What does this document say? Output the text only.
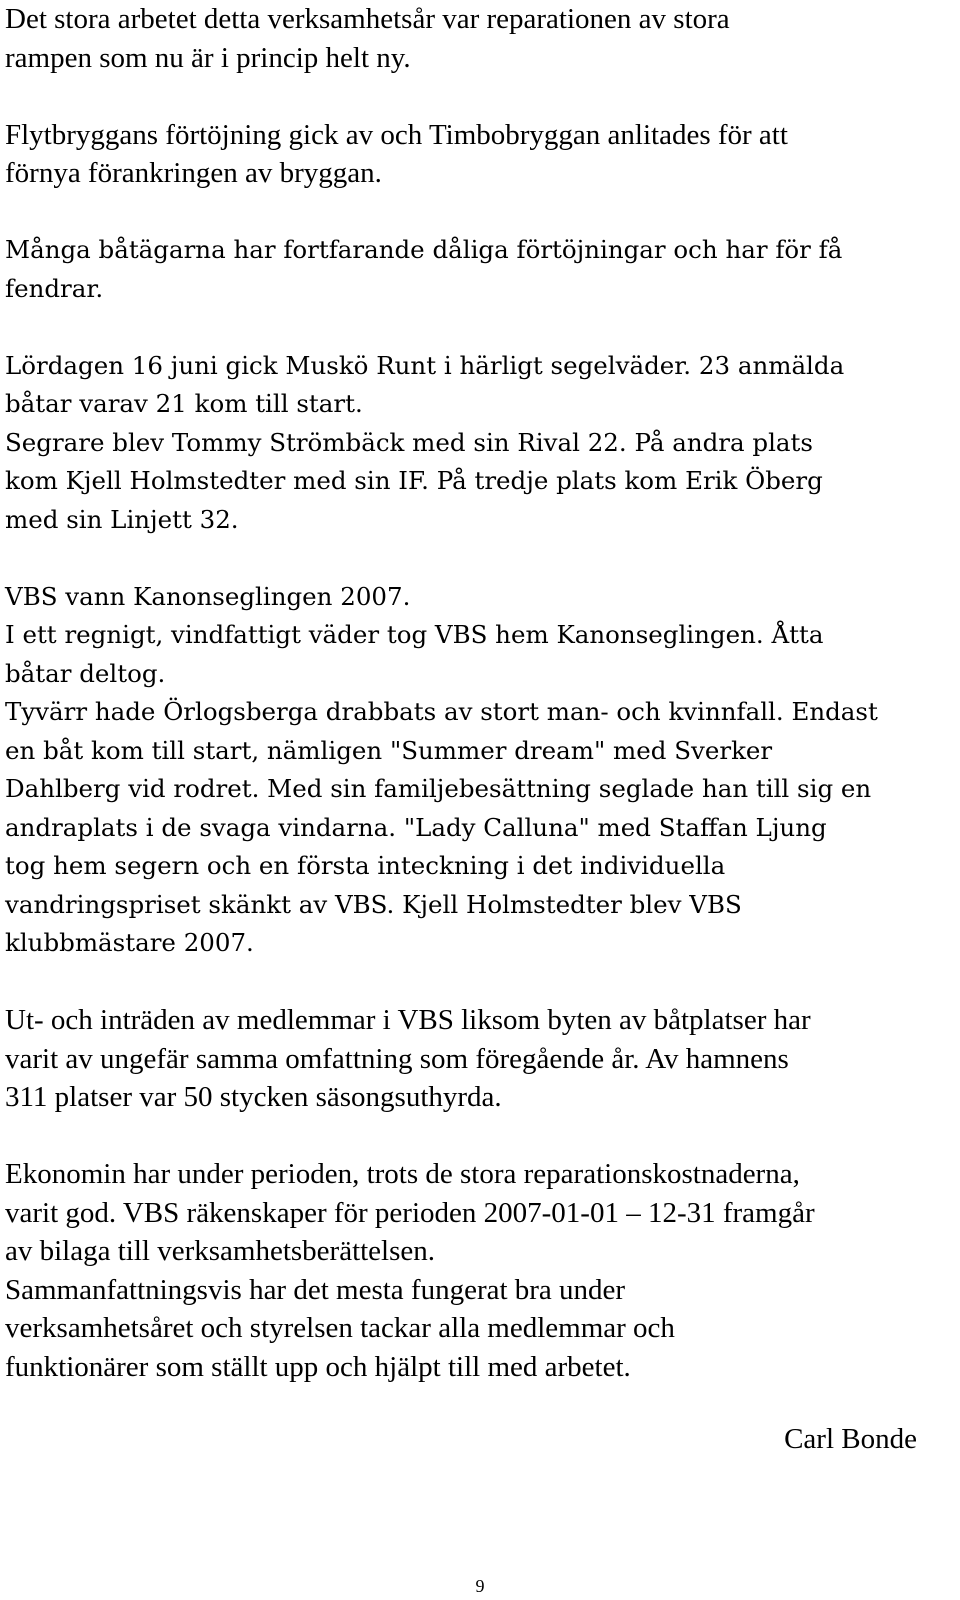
Det stora arbetet detta verksamhetsår var reparationen av stora
rampen som nu är i princip helt ny.
Flytbryggans förtöjning gick av och Timbobryggan anlitades för att
förnya förankringen av bryggan.
Många båtägarna har fortfarande dåliga förtöjningar och har för få
fendrar.
Lördagen 16 juni gick Muskö Runt i härligt segelväder. 23 anmälda
båtar varav 21 kom till start.
Segrare blev Tommy Strömbäck med sin Rival 22. På andra plats
kom Kjell Holmstedter med sin IF. På tredje plats kom Erik Öberg
med sin Linjett 32.
VBS vann Kanonseglingen 2007.
I ett regnigt, vindfattigt väder tog VBS hem Kanonseglingen. Åtta
båtar deltog.
Tyvärr hade Örlogsberga drabbats av stort man- och kvinnfall. Endast
en båt kom till start, nämligen "Summer dream" med Sverker
Dahlberg vid rodret. Med sin familjebesättning seglade han till sig en
andraplats i de svaga vindarna. "Lady Calluna" med Staffan Ljung
tog hem segern och en första inteckning i det individuella
vandringspriset skänkt av VBS. Kjell Holmstedter blev VBS
klubbmästare 2007.
Ut- och inträden av medlemmar i VBS liksom byten av båtplatser har
varit av ungefär samma omfattning som föregående år. Av hamnens
311 platser var 50 stycken säsongsuthyrda.
Ekonomin har under perioden, trots de stora reparationskostnaderna,
varit god. VBS räkenskaper för perioden 2007-01-01 – 12-31 framgår
av bilaga till verksamhetsberättelsen.
Sammanfattningsvis har det mesta fungerat bra under
verksamhetsåret och styrelsen tackar alla medlemmar och
funktionärer som ställt upp och hjälpt till med arbetet.
Carl Bonde
9
